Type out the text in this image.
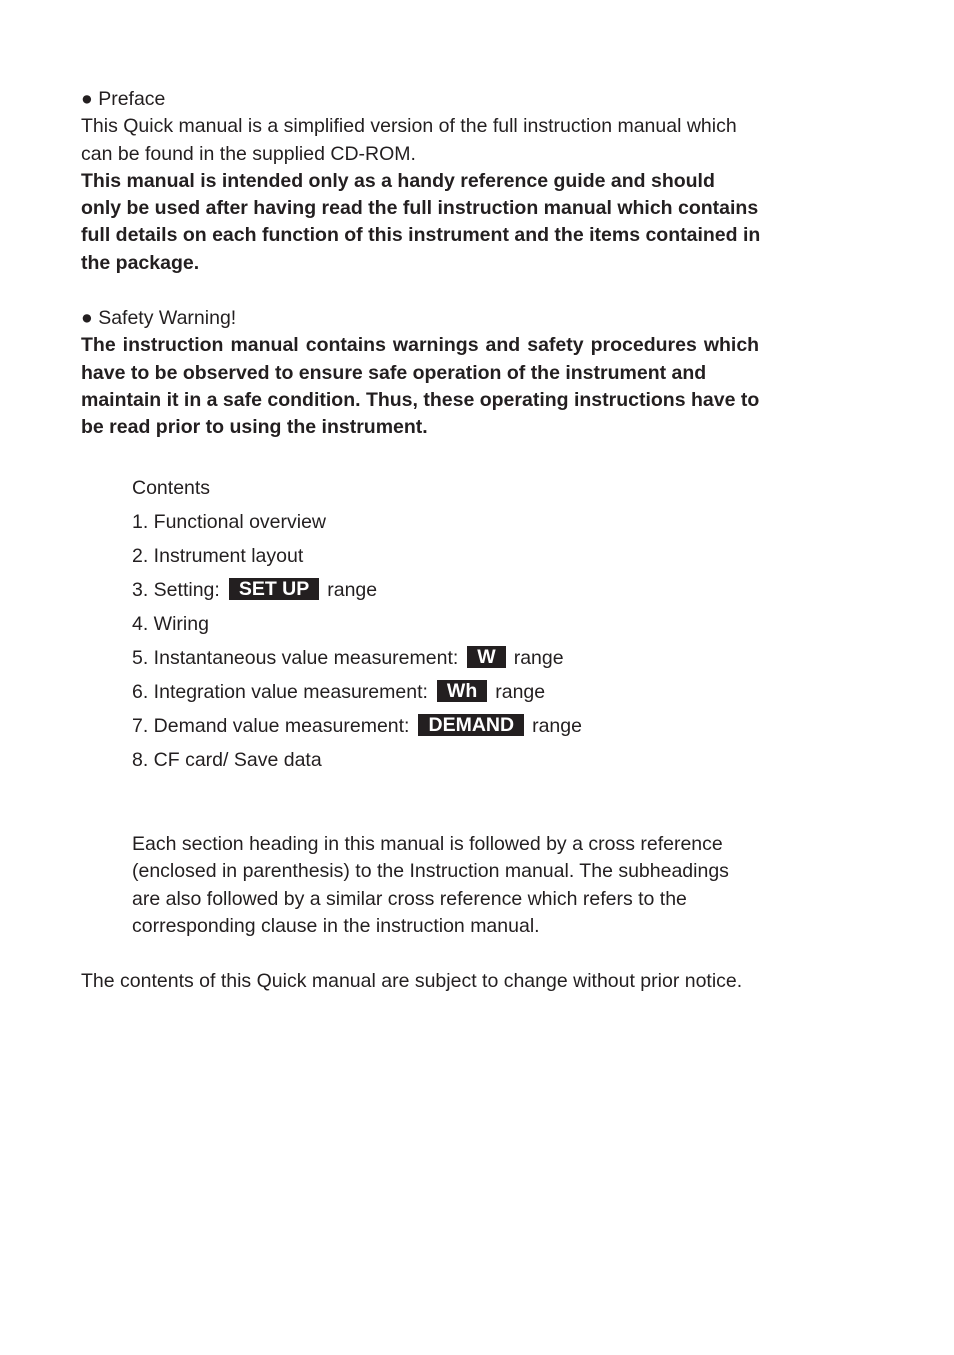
● Preface
This Quick manual is a simplified version of the full instruction manual which
can be found in the supplied CD-ROM.
This manual is intended only as a handy reference guide and should
only be used after having read the full instruction manual which contains
full details on each function of this instrument and the items contained in
the package.
● Safety Warning!
The instruction manual contains warnings and safety procedures which
have to be observed to ensure safe operation of the instrument and
maintain it in a safe condition. Thus, these operating instructions have to
be read prior to using the instrument.
Contents
1. Functional overview
2. Instrument layout
3. Setting: SET UP range
4. Wiring
5. Instantaneous value measurement: W range
6. Integration value measurement: Wh range
7. Demand value measurement: DEMAND range
8. CF card/ Save data
Each section heading in this manual is followed by a cross reference
(enclosed in parenthesis) to the Instruction manual. The subheadings
are also followed by a similar cross reference which refers to the
corresponding clause in the instruction manual.
The contents of this Quick manual are subject to change without prior notice.
